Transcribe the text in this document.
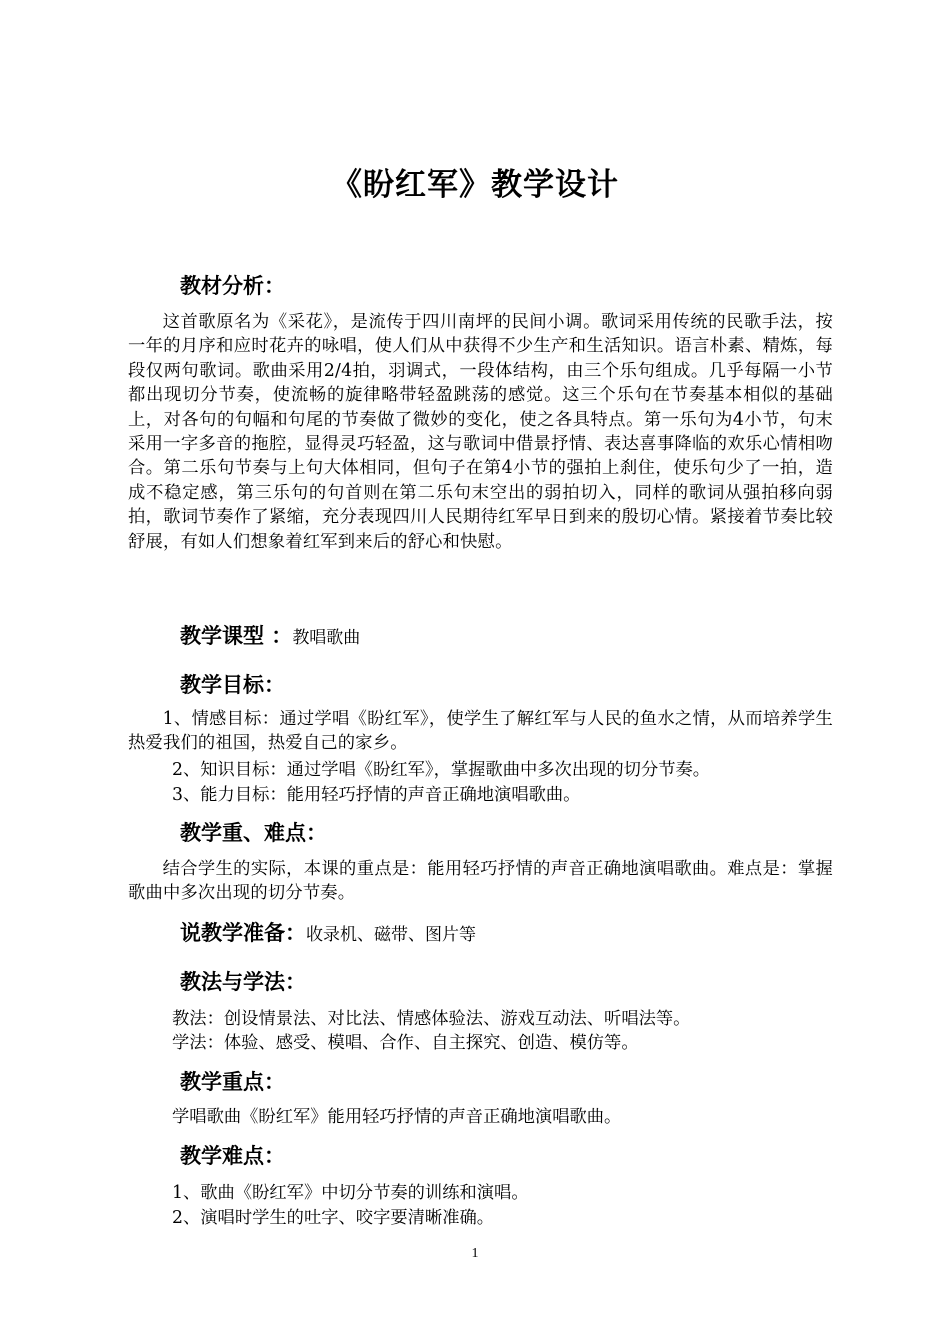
《盼红军》教学设计
教材分析：

这首歌原名为《采花》，是流传于四川南坪的民间小调。歌词采用传统的民歌手法，按一年的月序和应时花卉的咏唱，使人们从中获得不少生产和生活知识。语言朴素、精炼，每段仅两句歌词。歌曲采用2/4拍，羽调式，一段体结构，由三个乐句组成。几乎每隔一小节都出现切分节奏，使流畅的旋律略带轻盈跳荡的感觉。这三个乐句在节奏基本相似的基础上，对各句的句幅和句尾的节奏做了微妙的变化，使之各具特点。第一乐句为4小节，句末采用一字多音的拖腔，显得灵巧轻盈，这与歌词中借景抒情、表达喜事降临的欢乐心情相吻合。第二乐句节奏与上句大体相同，但句子在第4小节的强拍上刹住，使乐句少了一拍，造成不稳定感，第三乐句的句首则在第二乐句末空出的弱拍切入，同样的歌词从强拍移向弱拍，歌词节奏作了紧缩，充分表现四川人民期待红军早日到来的殷切心情。紧接着节奏比较舒展，有如人们想象着红军到来后的舒心和快慰。

教学课型 ：教唱歌曲
教学目标：

1、情感目标：通过学唱《盼红军》，使学生了解红军与人民的鱼水之情，从而培养学生热爱我们的祖国，热爱自己的家乡。

2、知识目标：通过学唱《盼红军》，掌握歌曲中多次出现的切分节奏。

3、能力目标：能用轻巧抒情的声音正确地演唱歌曲。

教学重、难点：

结合学生的实际，本课的重点是：能用轻巧抒情的声音正确地演唱歌曲。难点是：掌握歌曲中多次出现的切分节奏。

说教学准备：收录机、磁带、图片等
教法与学法：

教法：创设情景法、对比法、情感体验法、游戏互动法、听唱法等。

学法：体验、感受、模唱、合作、自主探究、创造、模仿等。

教学重点：

学唱歌曲《盼红军》能用轻巧抒情的声音正确地演唱歌曲。

教学难点：

1、歌曲《盼红军》中切分节奏的训练和演唱。

2、演唱时学生的吐字、咬字要清晰准确。

1
